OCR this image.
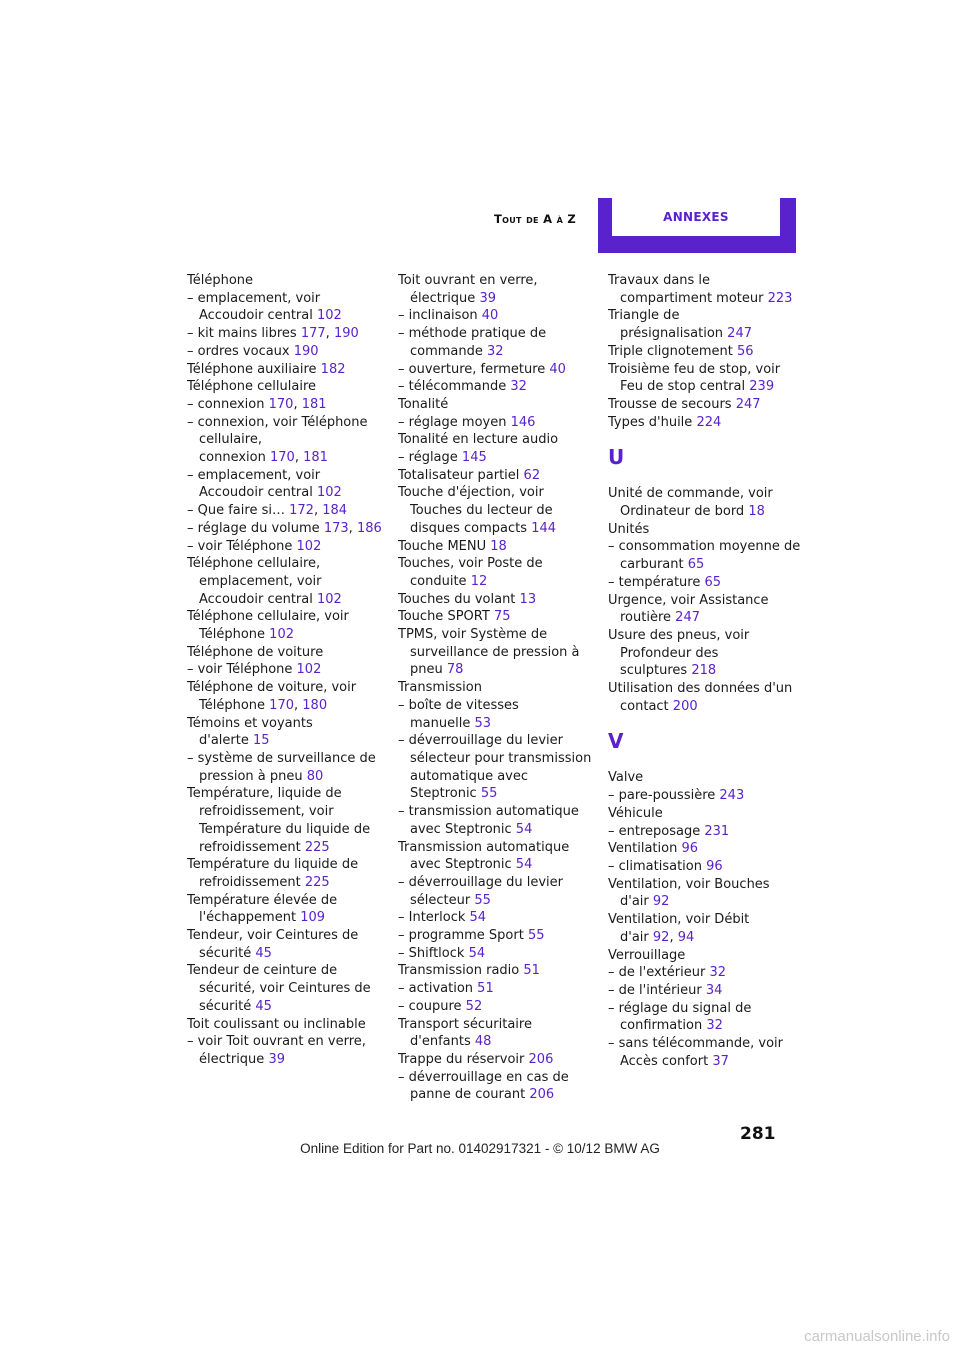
Tout de A à Z	ANNEXES
Téléphone
– emplacement, voir Accoudoir central 102
– kit mains libres 177, 190
– ordres vocaux 190
Téléphone auxiliaire 182
Téléphone cellulaire
– connexion 170, 181
– connexion, voir Téléphone cellulaire, connexion 170, 181
– emplacement, voir Accoudoir central 102
– Que faire si… 172, 184
– réglage du volume 173, 186
– voir Téléphone 102
Téléphone cellulaire, emplacement, voir Accoudoir central 102
Téléphone cellulaire, voir Téléphone 102
Téléphone de voiture
– voir Téléphone 102
Téléphone de voiture, voir Téléphone 170, 180
Témoins et voyants d'alerte 15
– système de surveillance de pression à pneu 80
Température, liquide de refroidissement, voir Température du liquide de refroidissement 225
Température du liquide de refroidissement 225
Température élevée de l'échappement 109
Tendeur, voir Ceintures de sécurité 45
Tendeur de ceinture de sécurité, voir Ceintures de sécurité 45
Toit coulissant ou inclinable
– voir Toit ouvrant en verre, électrique 39
Toit ouvrant en verre, électrique 39
– inclinaison 40
– méthode pratique de commande 32
– ouverture, fermeture 40
– télécommande 32
Tonalité
– réglage moyen 146
Tonalité en lecture audio
– réglage 145
Totalisateur partiel 62
Touche d'éjection, voir Touches du lecteur de disques compacts 144
Touche MENU 18
Touches, voir Poste de conduite 12
Touches du volant 13
Touche SPORT 75
TPMS, voir Système de surveillance de pression à pneu 78
Transmission
– boîte de vitesses manuelle 53
– déverrouillage du levier sélecteur pour transmission automatique avec Steptronic 55
– transmission automatique avec Steptronic 54
Transmission automatique avec Steptronic 54
– déverrouillage du levier sélecteur 55
– Interlock 54
– programme Sport 55
– Shiftlock 54
Transmission radio 51
– activation 51
– coupure 52
Transport sécuritaire d'enfants 48
Trappe du réservoir 206
– déverrouillage en cas de panne de courant 206
Travaux dans le compartiment moteur 223
Triangle de présignalisation 247
Triple clignotement 56
Troisième feu de stop, voir Feu de stop central 239
Trousse de secours 247
Types d'huile 224
U
Unité de commande, voir Ordinateur de bord 18
Unités
– consommation moyenne de carburant 65
– température 65
Urgence, voir Assistance routière 247
Usure des pneus, voir Profondeur des sculptures 218
Utilisation des données d'un contact 200
V
Valve
– pare-poussière 243
Véhicule
– entreposage 231
Ventilation 96
– climatisation 96
Ventilation, voir Bouches d'air 92
Ventilation, voir Débit d'air 92, 94
Verrouillage
– de l'extérieur 32
– de l'intérieur 34
– réglage du signal de confirmation 32
– sans télécommande, voir Accès confort 37
281
Online Edition for Part no. 01402917321 - © 10/12 BMW AG
carmanualsonline.info
